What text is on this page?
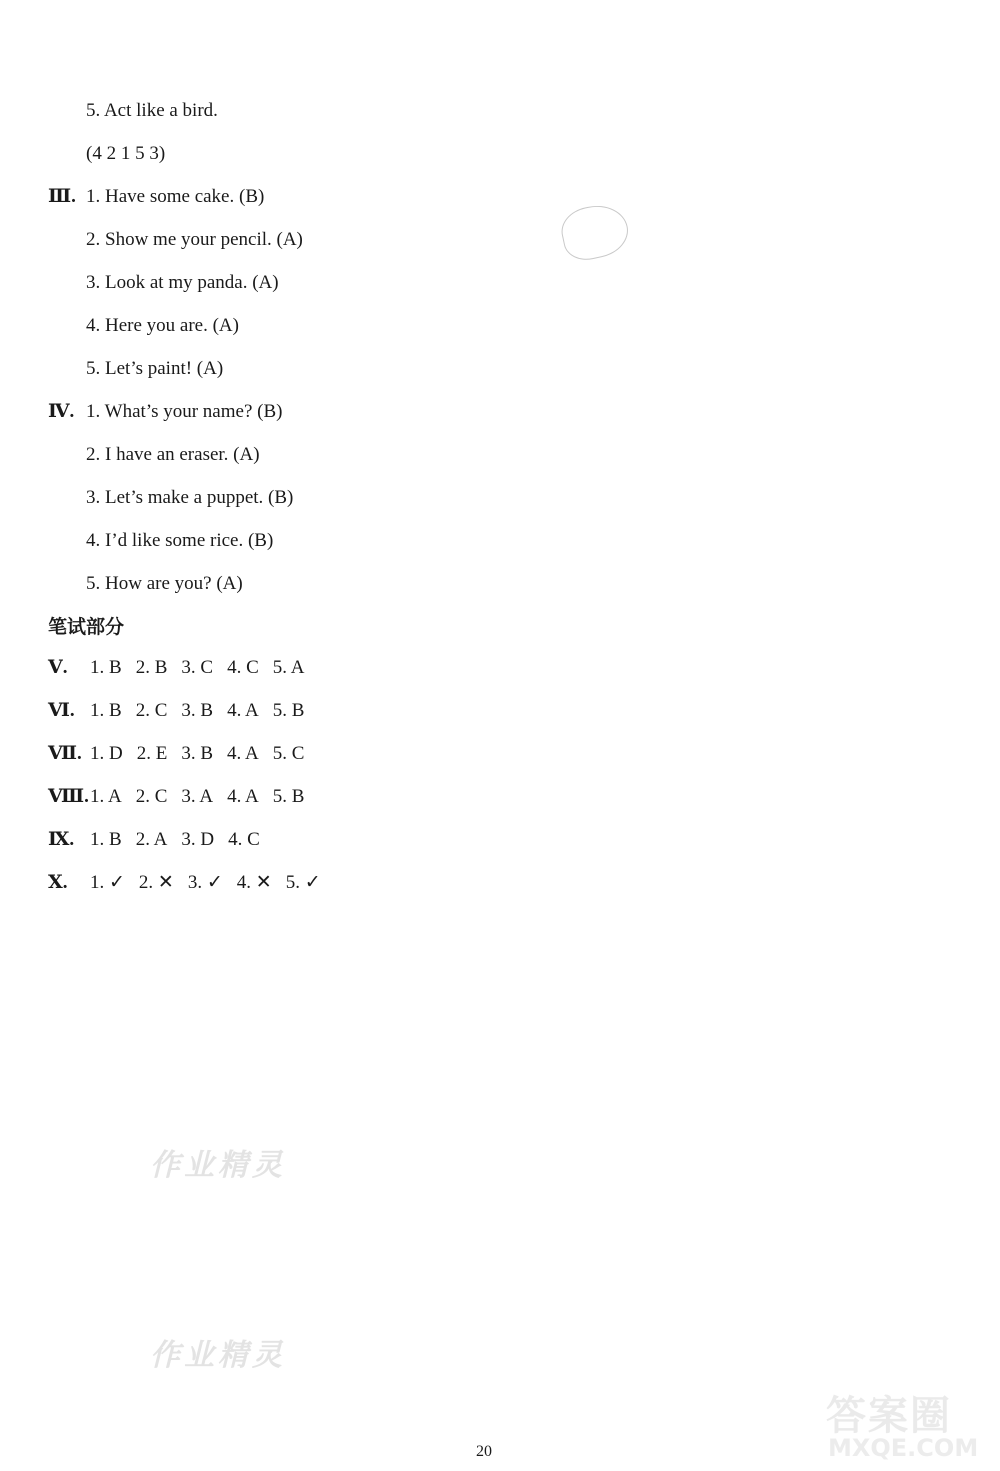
5. Act like a bird.
(4 2 1 5 3)
Ⅲ. 1. Have some cake. (B)
2. Show me your pencil. (A)
3. Look at my panda. (A)
4. Here you are. (A)
5. Let’s paint! (A)
Ⅳ. 1. What’s your name? (B)
2. I have an eraser. (A)
3. Let’s make a puppet. (B)
4. I’d like some rice. (B)
5. How are you? (A)
笔试部分
Ⅴ.	1. B 2. B 3. C 4. C 5. A
Ⅵ. 1. B 2. C 3. B 4. A 5. B
Ⅶ. 1. D 2. E 3. B 4. A 5. C
Ⅷ. 1. A 2. C 3. A 4. A 5. B
Ⅸ. 1. B 2. A 3. D 4. C
Ⅹ.	1. ✓ 2. ✕ 3. ✓ 4. ✕ 5. ✓
作业精灵
作业精灵
答案圈
MXQE.COM
20
